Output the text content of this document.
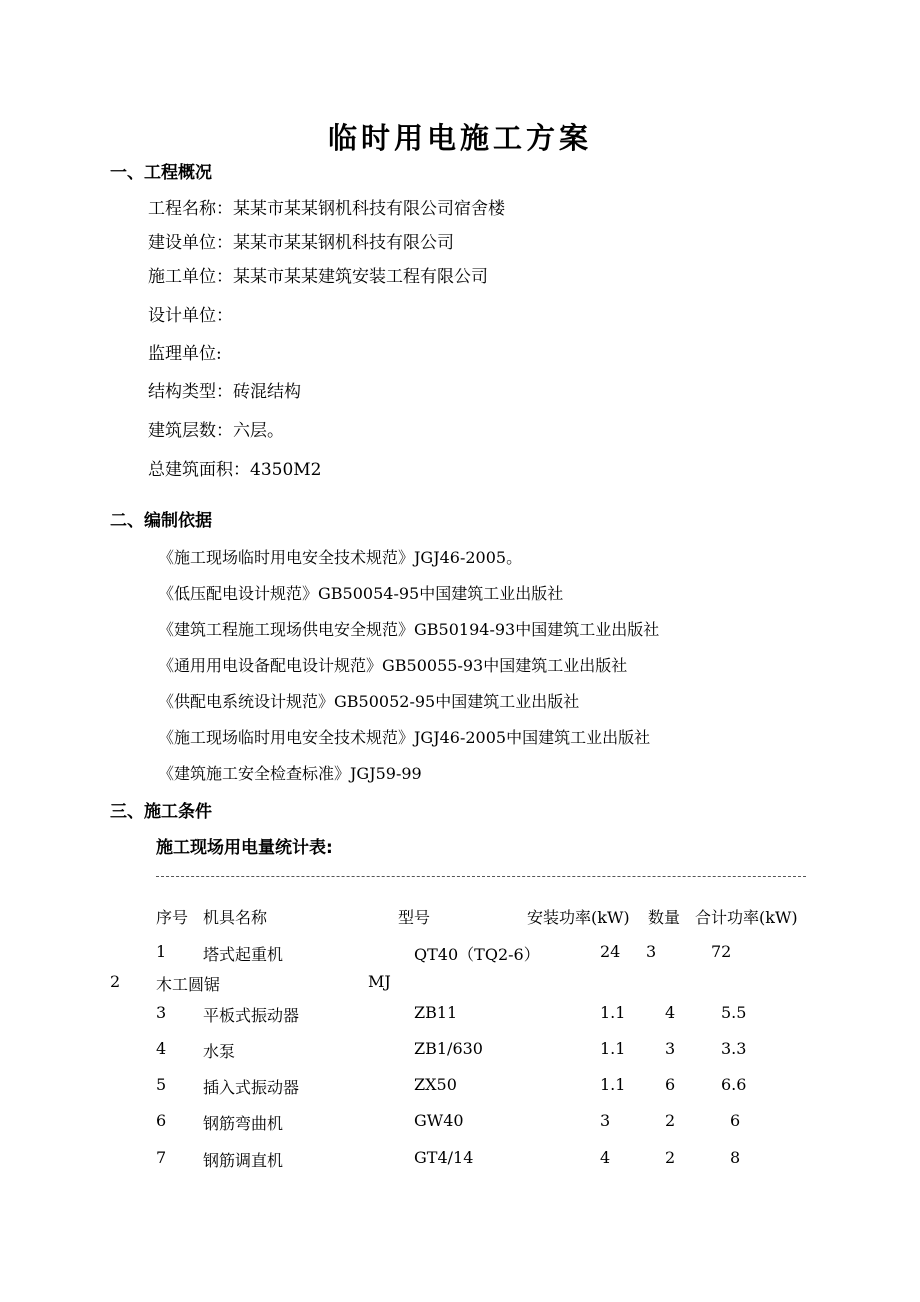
临时用电施工方案
一、工程概况
工程名称：某某市某某钢机科技有限公司宿舍楼
建设单位：某某市某某钢机科技有限公司
施工单位：某某市某某建筑安装工程有限公司
设计单位：
监理单位:
结构类型：砖混结构
建筑层数：六层。
总建筑面积：4350M2
二、编制依据
《施工现场临时用电安全技术规范》JGJ46-2005。
《低压配电设计规范》GB50054-95中国建筑工业出版社
《建筑工程施工现场供电安全规范》GB50194-93中国建筑工业出版社
《通用用电设备配电设计规范》GB50055-93中国建筑工业出版社
《供配电系统设计规范》GB50052-95中国建筑工业出版社
《施工现场临时用电安全技术规范》JGJ46-2005中国建筑工业出版社
《建筑施工安全检查标准》JGJ59-99
三、施工条件
施工现场用电量统计表:
序号 机具名称	型号	安装功率(kW) 数量 合计功率(kW)
1 塔式起重机	QT40（TQ2-6）	24 3	72
2 木工圆锯	MJ
3 平板式振动器	ZB11	1.1 4	5.5
4 水泵	ZB1/630	1.1 3	3.3
5 插入式振动器	ZX50	1.1 6	6.6
6 钢筋弯曲机	GW40	3	2	6
7 钢筋调直机	GT4/14	4	2	8
